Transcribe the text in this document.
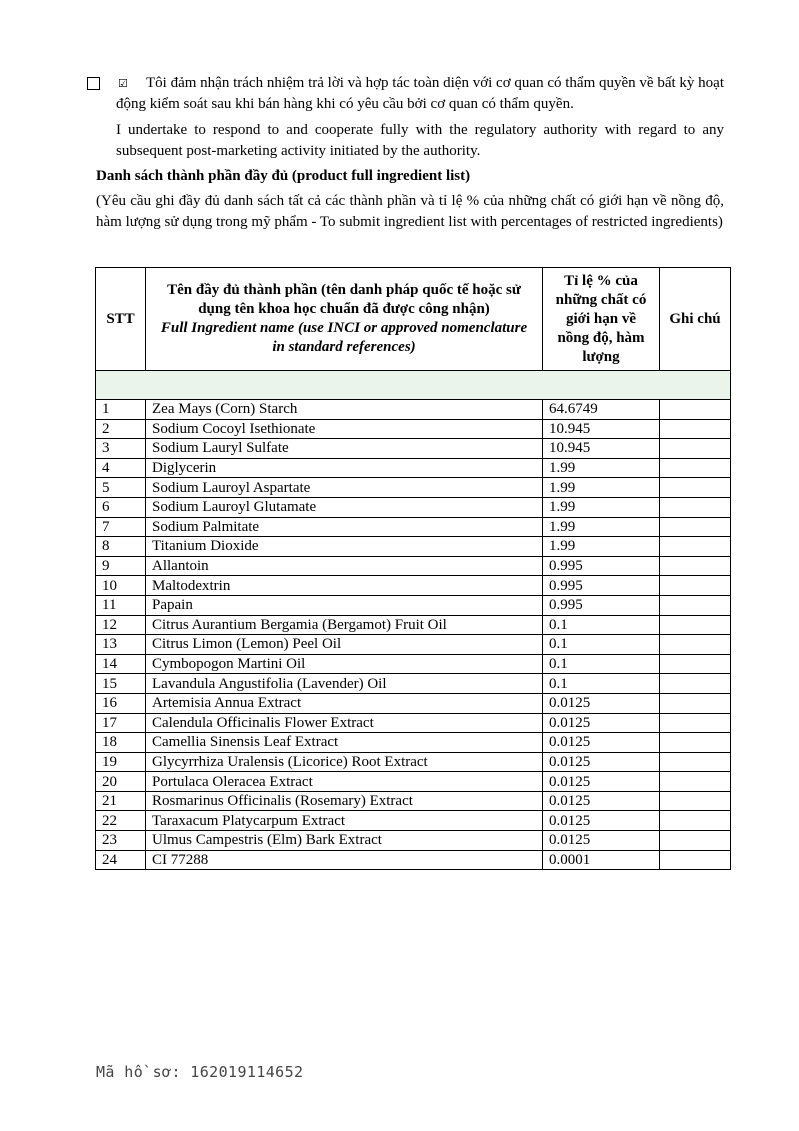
☑ Tôi đảm nhận trách nhiệm trả lời và hợp tác toàn diện với cơ quan có thẩm quyền về bất kỳ hoạt động kiểm soát sau khi bán hàng khi có yêu cầu bởi cơ quan có thẩm quyền.
I undertake to respond to and cooperate fully with the regulatory authority with regard to any subsequent post-marketing activity initiated by the authority.
Danh sách thành phần đầy đủ (product full ingredient list)
(Yêu cầu ghi đầy đủ danh sách tất cả các thành phần và tỉ lệ % của những chất có giới hạn về nồng độ, hàm lượng sử dụng trong mỹ phẩm - To submit ingredient list with percentages of restricted ingredients)
STT	Tên đầy đủ thành phần (tên danh pháp quốc tế hoặc sử dụng tên khoa học chuẩn đã được công nhận)
Full Ingredient name (use INCI or approved nomenclature in standard references)	Tỉ lệ % của những chất có giới hạn về nồng độ, hàm lượng	Ghi chú

1	Zea Mays (Corn) Starch	64.6749	
2	Sodium Cocoyl Isethionate	10.945	
3	Sodium Lauryl Sulfate	10.945	
4	Diglycerin	1.99	
5	Sodium Lauroyl Aspartate	1.99	
6	Sodium Lauroyl Glutamate	1.99	
7	Sodium Palmitate	1.99	
8	Titanium Dioxide	1.99	
9	Allantoin	0.995	
10	Maltodextrin	0.995	
11	Papain	0.995	
12	Citrus Aurantium Bergamia (Bergamot) Fruit Oil	0.1	
13	Citrus Limon (Lemon) Peel Oil	0.1	
14	Cymbopogon Martini Oil	0.1	
15	Lavandula Angustifolia (Lavender) Oil	0.1	
16	Artemisia Annua Extract	0.0125	
17	Calendula Officinalis Flower Extract	0.0125	
18	Camellia Sinensis Leaf Extract	0.0125	
19	Glycyrrhiza Uralensis (Licorice) Root Extract	0.0125	
20	Portulaca Oleracea Extract	0.0125	
21	Rosmarinus Officinalis (Rosemary) Extract	0.0125	
22	Taraxacum Platycarpum Extract	0.0125	
23	Ulmus Campestris (Elm) Bark Extract	0.0125	
24	CI 77288	0.0001	
Mã hồ sơ: 162019114652
